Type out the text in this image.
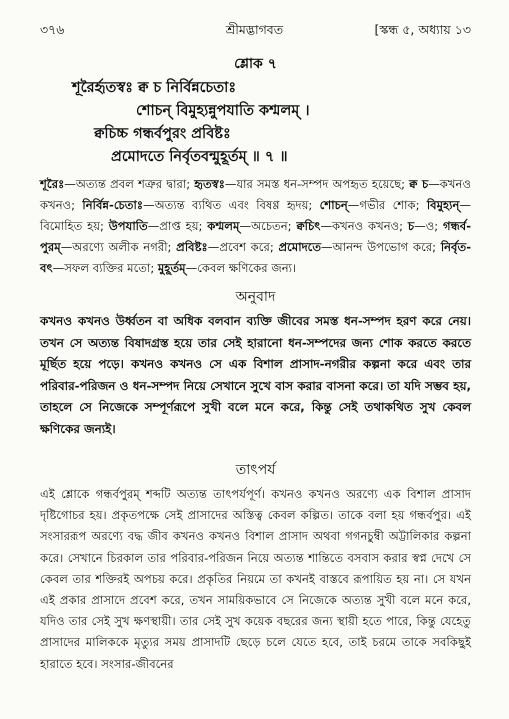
৩৭৬	শ্রীমদ্ভাগবত	[স্কন্ধ ৫, অধ্যায় ১৩
শ্লোক ৭
শূরৈর্হৃতস্বঃ ক্ব চ নির্বিন্নচেতাঃ
শোচন্ বিমুহ্যন্নুপযাতি কশ্মলম্ ।
ক্বচিচ্চ গন্ধর্বপুরং প্রবিষ্টঃ
প্রমোদতে নির্বৃতবন্মুহূর্তম্ ॥ ৭ ॥
শূরৈঃ—অত্যন্ত প্রবল শত্রুর দ্বারা; হৃতস্বঃ—যার সমস্ত ধন-সম্পদ অপহৃত হয়েছে; ক্ব চ—কখনও কখনও; নির্বিন্ন-চেতাঃ—অত্যন্ত ব্যথিত এবং বিষণ্ণ হৃদয়; শোচন্—গভীর শোক; বিমুহ্যন্—বিমোহিত হয়; উপযাতি—প্রাপ্ত হয়; কশ্মলম্—অচেতন; ক্বচিৎ—কখনও কখনও; চ—ও; গন্ধর্ব-পুরম্—অরণ্যে অলীক নগরী; প্রবিষ্টঃ—প্রবেশ করে; প্রমোদতে—আনন্দ উপভোগ করে; নির্বৃত-বৎ—সফল ব্যক্তির মতো; মুহূর্তম্—কেবল ক্ষণিকের জন্য।
অনুবাদ
কখনও কখনও উর্ধ্বতন বা অধিক বলবান ব্যক্তি জীবের সমস্ত ধন-সম্পদ হরণ করে নেয়। তখন সে অত্যন্ত বিষাদগ্রস্ত হয়ে তার সেই হারানো ধন-সম্পদের জন্য শোক করতে করতে মূর্ছিত হয়ে পড়ে। কখনও কখনও সে এক বিশাল প্রাসাদ-নগরীর কল্পনা করে এবং তার পরিবার-পরিজন ও ধন-সম্পদ নিয়ে সেখানে সুখে বাস করার বাসনা করে। তা যদি সম্ভব হয়, তাহলে সে নিজেকে সম্পূর্ণরূপে সুখী বলে মনে করে, কিন্তু সেই তথাকথিত সুখ কেবল ক্ষণিকের জন্যই।
তাৎপর্য
এই শ্লোকে গন্ধর্বপুরম্ শব্দটি অত্যন্ত তাৎপর্যপূর্ণ। কখনও কখনও অরণ্যে এক বিশাল প্রাসাদ দৃষ্টিগোচর হয়। প্রকৃতপক্ষে সেই প্রাসাদের অস্তিত্ব কেবল কল্পিত। তাকে বলা হয় গন্ধর্বপুর। এই সংসাররূপ অরণ্যে বদ্ধ জীব কখনও কখনও বিশাল প্রাসাদ অথবা গগনচুম্বী অট্টালিকার কল্পনা করে। সেখানে চিরকাল তার পরিবার-পরিজন নিয়ে অত্যন্ত শান্তিতে বসবাস করার স্বপ্ন দেখে সে কেবল তার শক্তিরই অপচয় করে। প্রকৃতির নিয়মে তা কখনই বাস্তবে রূপায়িত হয় না। সে যখন এই প্রকার প্রাসাদে প্রবেশ করে, তখন সাময়িকভাবে সে নিজেকে অত্যন্ত সুখী বলে মনে করে, যদিও তার সেই সুখ ক্ষণস্থায়ী। তার সেই সুখ কয়েক বছরের জন্য স্থায়ী হতে পারে, কিন্তু যেহেতু প্রাসাদের মালিককে মৃত্যুর সময় প্রাসাদটি ছেড়ে চলে যেতে হবে, তাই চরমে তাকে সবকিছুই হারাতে হবে। সংসার-জীবনের
